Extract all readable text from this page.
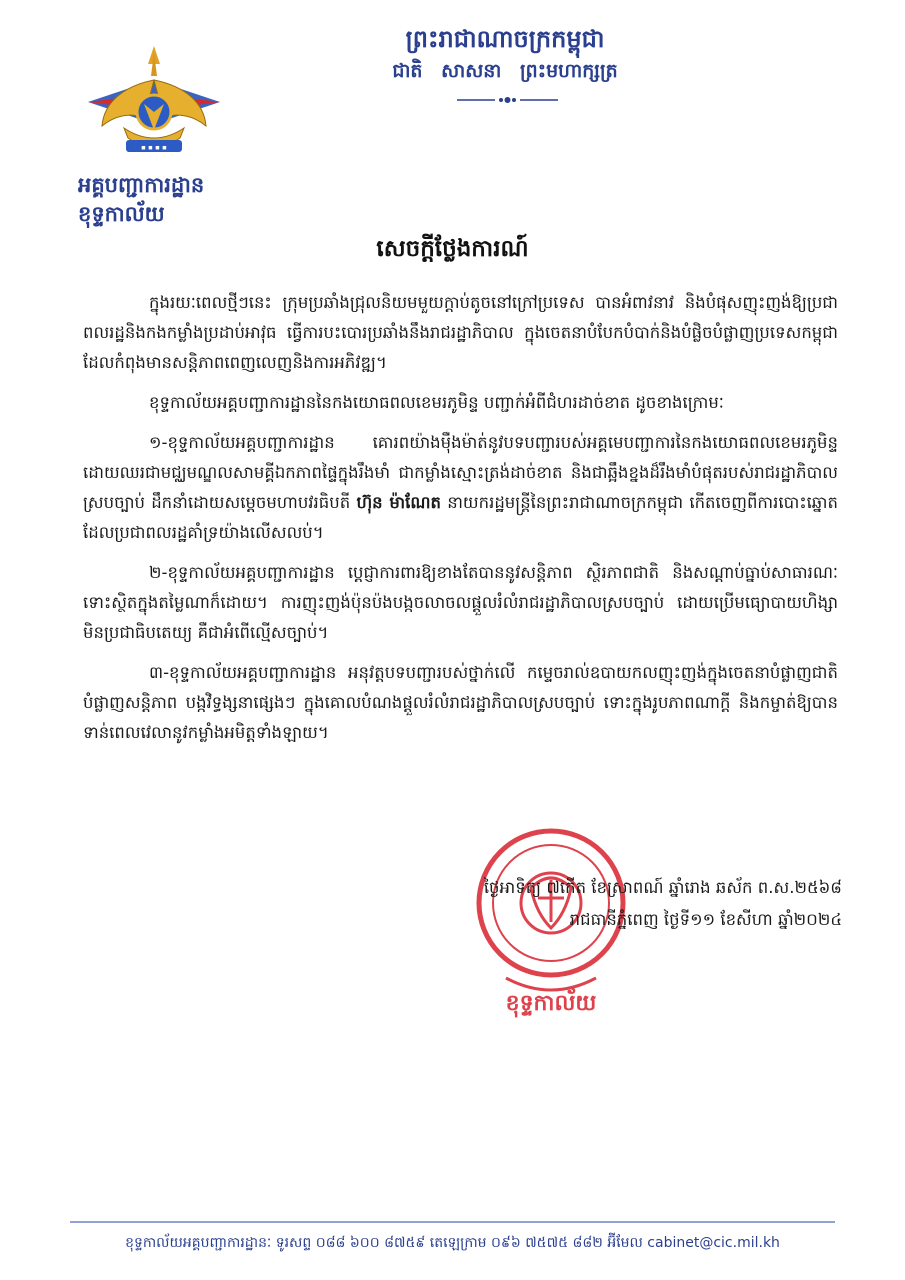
▪ ▪ ▪ ▪
អគ្គបញ្ជាការដ្ឋាន
ខុទ្ទកាល័យ
ព្រះរាជាណាចក្រកម្ពុជា
ជាតិ សាសនា ព្រះមហាក្សត្រ
សេចក្តីថ្លែងការណ៍

ក្នុងរយៈពេលថ្មីៗនេះ ក្រុមប្រឆាំងជ្រុលនិយមមួយក្ដាប់តូចនៅក្រៅប្រទេស បានអំពាវនាវ និងបំផុសញុះញង់ឱ្យប្រជាពលរដ្ឋនិងកងកម្លាំងប្រដាប់អាវុធ ធ្វើការបះបោរប្រឆាំងនឹងរាជរដ្ឋាភិបាល ក្នុងចេតនាបំបែកបំបាក់និងបំផ្លិចបំផ្លាញប្រទេសកម្ពុជា ដែលកំពុងមានសន្តិភាពពេញលេញនិងការអភិវឌ្ឍ។

ខុទ្ទកាល័យអគ្គបញ្ជាការដ្ឋាននៃកងយោធពលខេមរភូមិន្ទ បញ្ជាក់អំពីជំហរដាច់ខាត ដូចខាងក្រោមៈ

១-ខុទ្ទកាល័យអគ្គបញ្ជាការដ្ឋាន គោរពយ៉ាងម៉ឺងម៉ាត់នូវបទបញ្ជារបស់អគ្គមេបញ្ជាការនៃកងយោធពលខេមរភូមិន្ទ ដោយឈរជាមជ្ឈមណ្ឌលសាមគ្គីឯកភាពផ្ទៃក្នុងរឹងមាំ ជាកម្លាំងស្មោះត្រង់ដាច់ខាត និងជាឆ្អឹងខ្នងដ៏រឹងមាំបំផុតរបស់រាជរដ្ឋាភិបាលស្របច្បាប់ ដឹកនាំដោយសម្តេចមហាបវរធិបតី ហ៊ុន ម៉ាណែត នាយករដ្ឋមន្ត្រីនៃព្រះរាជាណាចក្រកម្ពុជា កើតចេញពីការបោះឆ្នោតដែលប្រជាពលរដ្ឋគាំទ្រយ៉ាងលើសលប់។

២-ខុទ្ទកាល័យអគ្គបញ្ជាការដ្ឋាន ប្ដេជ្ញាការពារឱ្យខាងតែបាននូវសន្តិភាព ស្ថិរភាពជាតិ និងសណ្ដាប់ធ្នាប់សាធារណៈ ទោះស្ថិតក្នុងតម្លៃណាក៏ដោយ។ ការញុះញង់ប៉ុនប៉ងបង្កចលាចលផ្តួលរំលំរាជរដ្ឋាភិបាលស្របច្បាប់ ដោយប្រើមធ្យោបាយហិង្សា មិនប្រជាធិបតេយ្យ គឺជាអំពើល្មើសច្បាប់។

៣-ខុទ្ទកាល័យអគ្គបញ្ជាការដ្ឋាន អនុវត្តបទបញ្ជារបស់ថ្នាក់លើ កម្ទេចរាល់ឧបាយកលញុះញង់ក្នុងចេតនាបំផ្លាញជាតិ បំផ្លាញសន្តិភាព បង្កវិទ្ធង្សនាផ្សេងៗ ក្នុងគោលបំណងផ្តួលរំលំរាជរដ្ឋាភិបាលស្របច្បាប់ ទោះក្នុងរូបភាពណាក្តី និងកម្ចាត់ឱ្យបានទាន់ពេលវេលានូវកម្លាំងអមិត្តទាំងឡាយ។

ខុទ្ទកាល័យ
ថ្ងៃអាទិត្យ ៧កើត ខែស្រាពណ៍ ឆ្នាំរោង ឆស័ក ព.ស.២៥៦៨
រាជធានីភ្នំពេញ ថ្ងៃទី១១ ខែសីហា ឆ្នាំ២០២៤
ខុទ្ទកាល័យអគ្គបញ្ជាការដ្ឋានៈ ទូរសព្ទ ០៨៨ ៦០០ ៨៧៥៩ តេឡេក្រាម ០៩៦ ៧៥៧៥ ៨៨២ អ៊ីមែល cabinet@cic.mil.kh
